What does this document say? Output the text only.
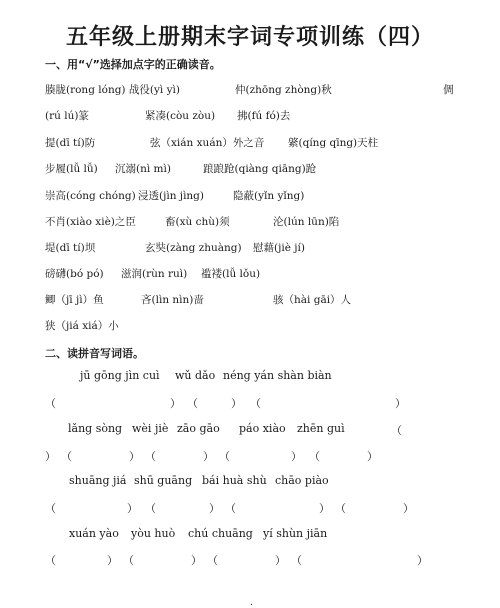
五年级上册期末字词专项训练（四）
一、用“√”选择加点字的正确读音。
腠胧(rong lóng) 战役(yì yì)	仲(zhōng zhòng)秋	倜
(rú lú)篆	紧凑(còu zòu) 拂(fú fó)去
提(dī tí)防	弦（xián xuán）外之音 綮(qíng qīng)天柱
步履(lǚ lǚ) 沉溺(nì mì)	踉踉跄(qiàng qiāng)跄
崇高(cóng chóng) 浸透(jìn jìng)	隐蔽(yǐn yǐng)
不肖(xiào xiè)之臣	畜(xù chù)须	沦(lún lūn)陷
堤(dī tí)坝	玄奘(zàng zhuàng) 慰藉(jiè jí)
磅礴(bó pó) 滋润(rùn ruì) 褴褛(lǚ lǒu)
鲫（jī jì）鱼	吝(lìn nìn)啬	骇（hài gāi）人
狭（jiá xiá）小
二、读拼音写词语。
jū gōng jìn cuì wǔ dǎo néng yán shàn biàn
（	） （	） （	）
lǎng sòng wèi jiè zāo gāo páo xiào zhēn guì	（
） （	） （	） （	） （	）
shuāng jiá shū guāng bái huà shù chāo piào
（	） （	） （	） （	）
xuán yào yòu huò chú chuāng yí shùn jiān
（	） （	） （	） （	）
.
